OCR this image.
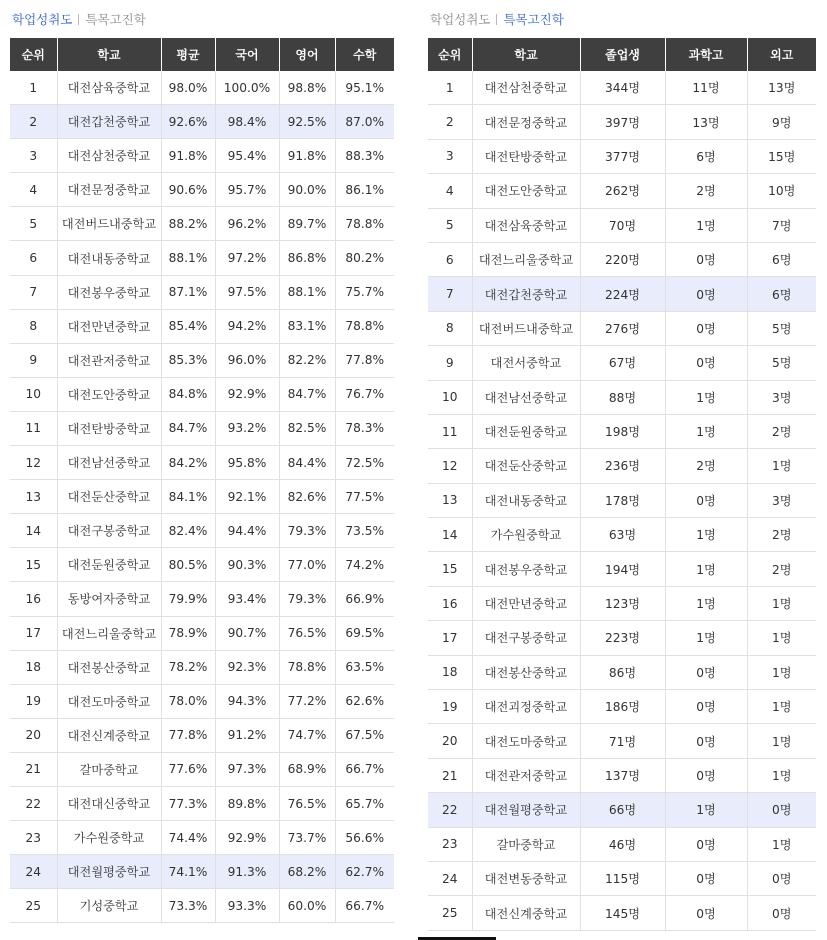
학업성취도 특목고진학
순위	학교	평균	국어	영어	수학
1	대전삼육중학교	98.0%	100.0%	98.8%	95.1%
2	대전갑천중학교	92.6%	98.4%	92.5%	87.0%
3	대전삼천중학교	91.8%	95.4%	91.8%	88.3%
4	대전문정중학교	90.6%	95.7%	90.0%	86.1%
5	대전버드내중학교	88.2%	96.2%	89.7%	78.8%
6	대전내동중학교	88.1%	97.2%	86.8%	80.2%
7	대전봉우중학교	87.1%	97.5%	88.1%	75.7%
8	대전만년중학교	85.4%	94.2%	83.1%	78.8%
9	대전관저중학교	85.3%	96.0%	82.2%	77.8%
10	대전도안중학교	84.8%	92.9%	84.7%	76.7%
11	대전탄방중학교	84.7%	93.2%	82.5%	78.3%
12	대전남선중학교	84.2%	95.8%	84.4%	72.5%
13	대전둔산중학교	84.1%	92.1%	82.6%	77.5%
14	대전구봉중학교	82.4%	94.4%	79.3%	73.5%
15	대전둔원중학교	80.5%	90.3%	77.0%	74.2%
16	동방여자중학교	79.9%	93.4%	79.3%	66.9%
17	대전느리울중학교	78.9%	90.7%	76.5%	69.5%
18	대전봉산중학교	78.2%	92.3%	78.8%	63.5%
19	대전도마중학교	78.0%	94.3%	77.2%	62.6%
20	대전신계중학교	77.8%	91.2%	74.7%	67.5%
21	갈마중학교	77.6%	97.3%	68.9%	66.7%
22	대전대신중학교	77.3%	89.8%	76.5%	65.7%
23	가수원중학교	74.4%	92.9%	73.7%	56.6%
24	대전월평중학교	74.1%	91.3%	68.2%	62.7%
25	기성중학교	73.3%	93.3%	60.0%	66.7%
학업성취도 특목고진학
순위	학교	졸업생	과학고	외고
1	대전삼천중학교	344명	11명	13명
2	대전문정중학교	397명	13명	9명
3	대전탄방중학교	377명	6명	15명
4	대전도안중학교	262명	2명	10명
5	대전삼육중학교	70명	1명	7명
6	대전느리울중학교	220명	0명	6명
7	대전갑천중학교	224명	0명	6명
8	대전버드내중학교	276명	0명	5명
9	대전서중학교	67명	0명	5명
10	대전남선중학교	88명	1명	3명
11	대전둔원중학교	198명	1명	2명
12	대전둔산중학교	236명	2명	1명
13	대전내동중학교	178명	0명	3명
14	가수원중학교	63명	1명	2명
15	대전봉우중학교	194명	1명	2명
16	대전만년중학교	123명	1명	1명
17	대전구봉중학교	223명	1명	1명
18	대전봉산중학교	86명	0명	1명
19	대전괴정중학교	186명	0명	1명
20	대전도마중학교	71명	0명	1명
21	대전관저중학교	137명	0명	1명
22	대전월평중학교	66명	1명	0명
23	갈마중학교	46명	0명	1명
24	대전변동중학교	115명	0명	0명
25	대전신계중학교	145명	0명	0명
